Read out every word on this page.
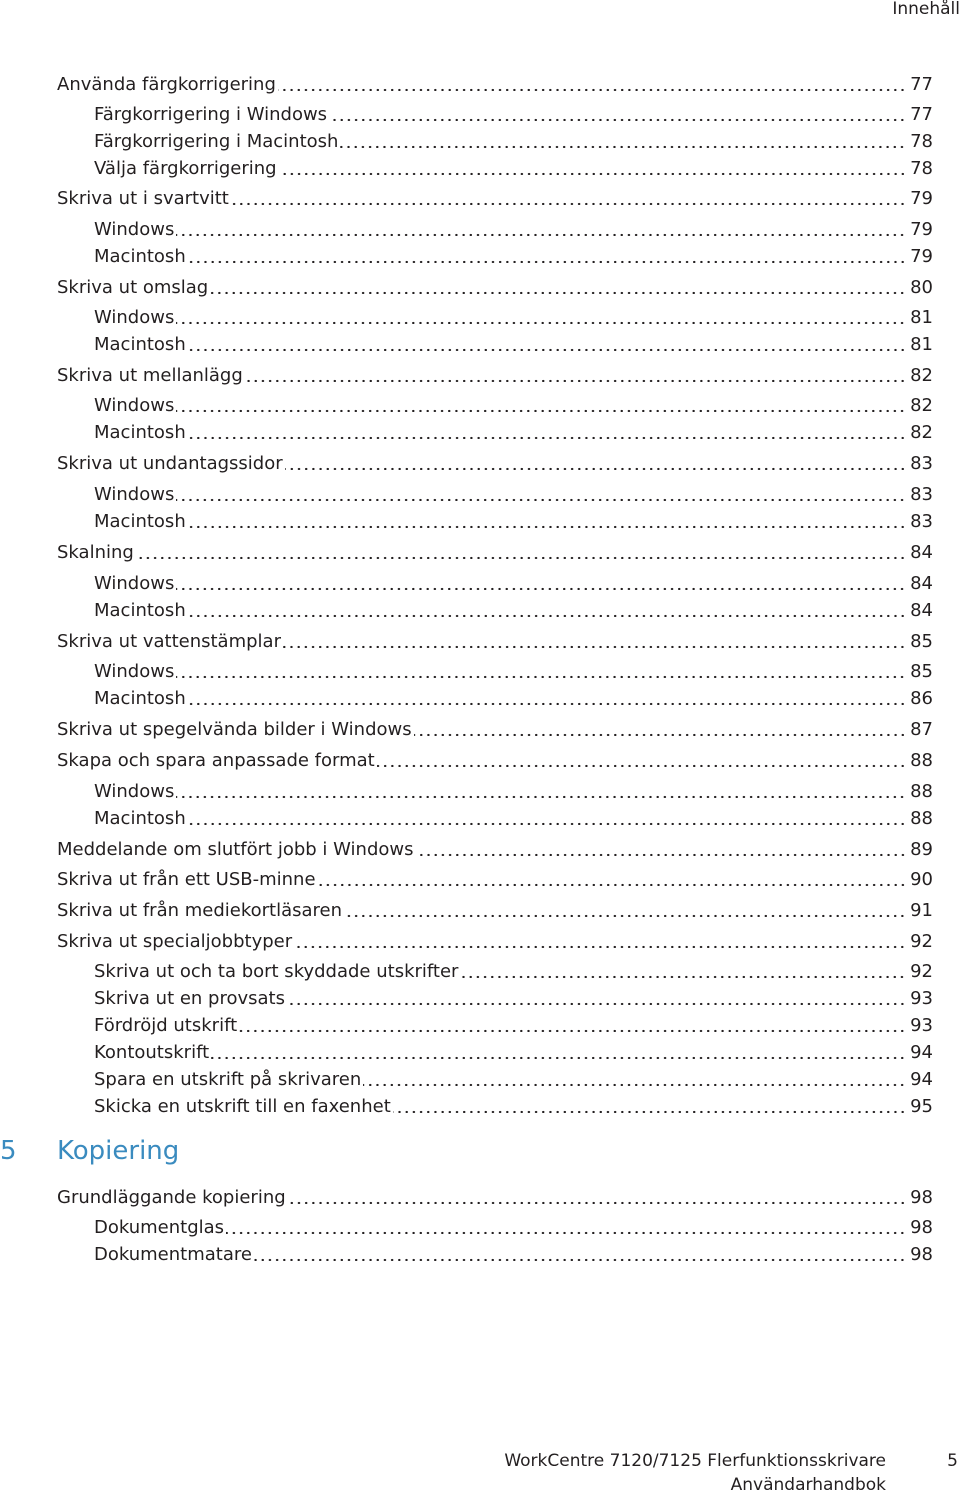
Innehåll
Använda färgkorrigering	77
Färgkorrigering i Windows	77
Färgkorrigering i Macintosh	78
Välja färgkorrigering	78
Skriva ut i svartvitt	79
Windows	79
Macintosh	79
Skriva ut omslag	80
Windows	81
Macintosh	81
Skriva ut mellanlägg	82
Windows	82
Macintosh	82
Skriva ut undantagssidor	83
Windows	83
Macintosh	83
Skalning	84
Windows	84
Macintosh	84
Skriva ut vattenstämplar	85
Windows	85
Macintosh	86
Skriva ut spegelvända bilder i Windows	87
Skapa och spara anpassade format	88
Windows	88
Macintosh	88
Meddelande om slutfört jobb i Windows	89
Skriva ut från ett USB-minne	90
Skriva ut från mediekortläsaren	91
Skriva ut specialjobbtyper	92
Skriva ut och ta bort skyddade utskrifter	92
Skriva ut en provsats	93
Fördröjd utskrift	93
Kontoutskrift	94
Spara en utskrift på skrivaren	94
Skicka en utskrift till en faxenhet	95
Grundläggande kopiering	98
Dokumentglas	98
Dokumentmatare	98
5 Kopiering
WorkCentre 7120/7125 Flerfunktionsskrivare
Användarhandbok
5
